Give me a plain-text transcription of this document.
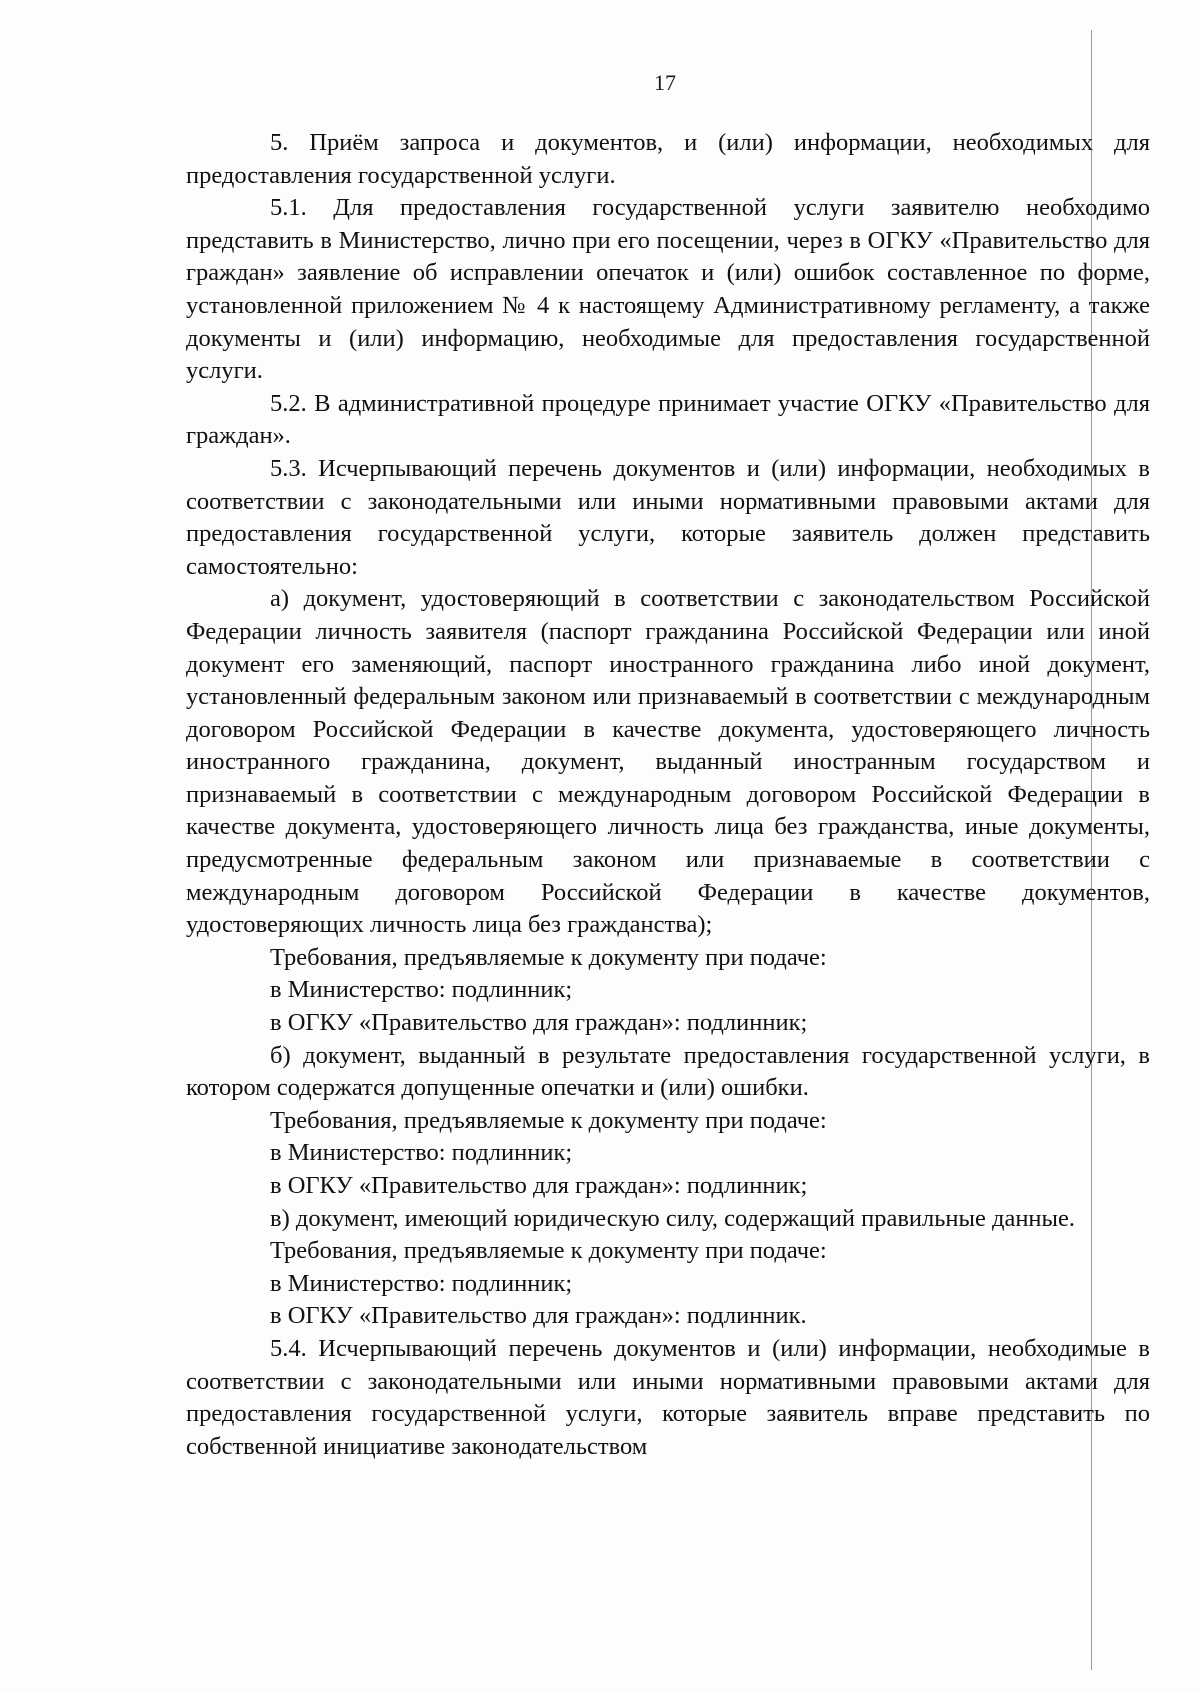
17

5. Приём запроса и документов, и (или) информации, необходимых для предоставления государственной услуги.

5.1. Для предоставления государственной услуги заявителю необходимо представить в Министерство, лично при его посещении, через в ОГКУ «Правительство для граждан» заявление об исправлении опечаток и (или) ошибок составленное по форме, установленной приложением № 4 к настоящему Административному регламенту, а также документы и (или) информацию, необходимые для предоставления государственной услуги.

5.2. В административной процедуре принимает участие ОГКУ «Правительство для граждан».

5.3. Исчерпывающий перечень документов и (или) информации, необходимых в соответствии с законодательными или иными нормативными правовыми актами для предоставления государственной услуги, которые заявитель должен представить самостоятельно:

а) документ, удостоверяющий в соответствии с законодательством Российской Федерации личность заявителя (паспорт гражданина Российской Федерации или иной документ его заменяющий, паспорт иностранного гражданина либо иной документ, установленный федеральным законом или признаваемый в соответствии с международным договором Российской Федерации в качестве документа, удостоверяющего личность иностранного гражданина, документ, выданный иностранным государством и признаваемый в соответствии с международным договором Российской Федерации в качестве документа, удостоверяющего личность лица без гражданства, иные документы, предусмотренные федеральным законом или признаваемые в соответствии с международным договором Российской Федерации в качестве документов, удостоверяющих личность лица без гражданства);

Требования, предъявляемые к документу при подаче:

в Министерство: подлинник;

в ОГКУ «Правительство для граждан»: подлинник;

б) документ, выданный в результате предоставления государственной услуги, в котором содержатся допущенные опечатки и (или) ошибки.

Требования, предъявляемые к документу при подаче:

в Министерство: подлинник;

в ОГКУ «Правительство для граждан»: подлинник;

в) документ, имеющий юридическую силу, содержащий правильные данные.

Требования, предъявляемые к документу при подаче:

в Министерство: подлинник;

в ОГКУ «Правительство для граждан»: подлинник.

5.4. Исчерпывающий перечень документов и (или) информации, необходимые в соответствии с законодательными или иными нормативными правовыми актами для предоставления государственной услуги, которые заявитель вправе представить по собственной инициативе законодательством
